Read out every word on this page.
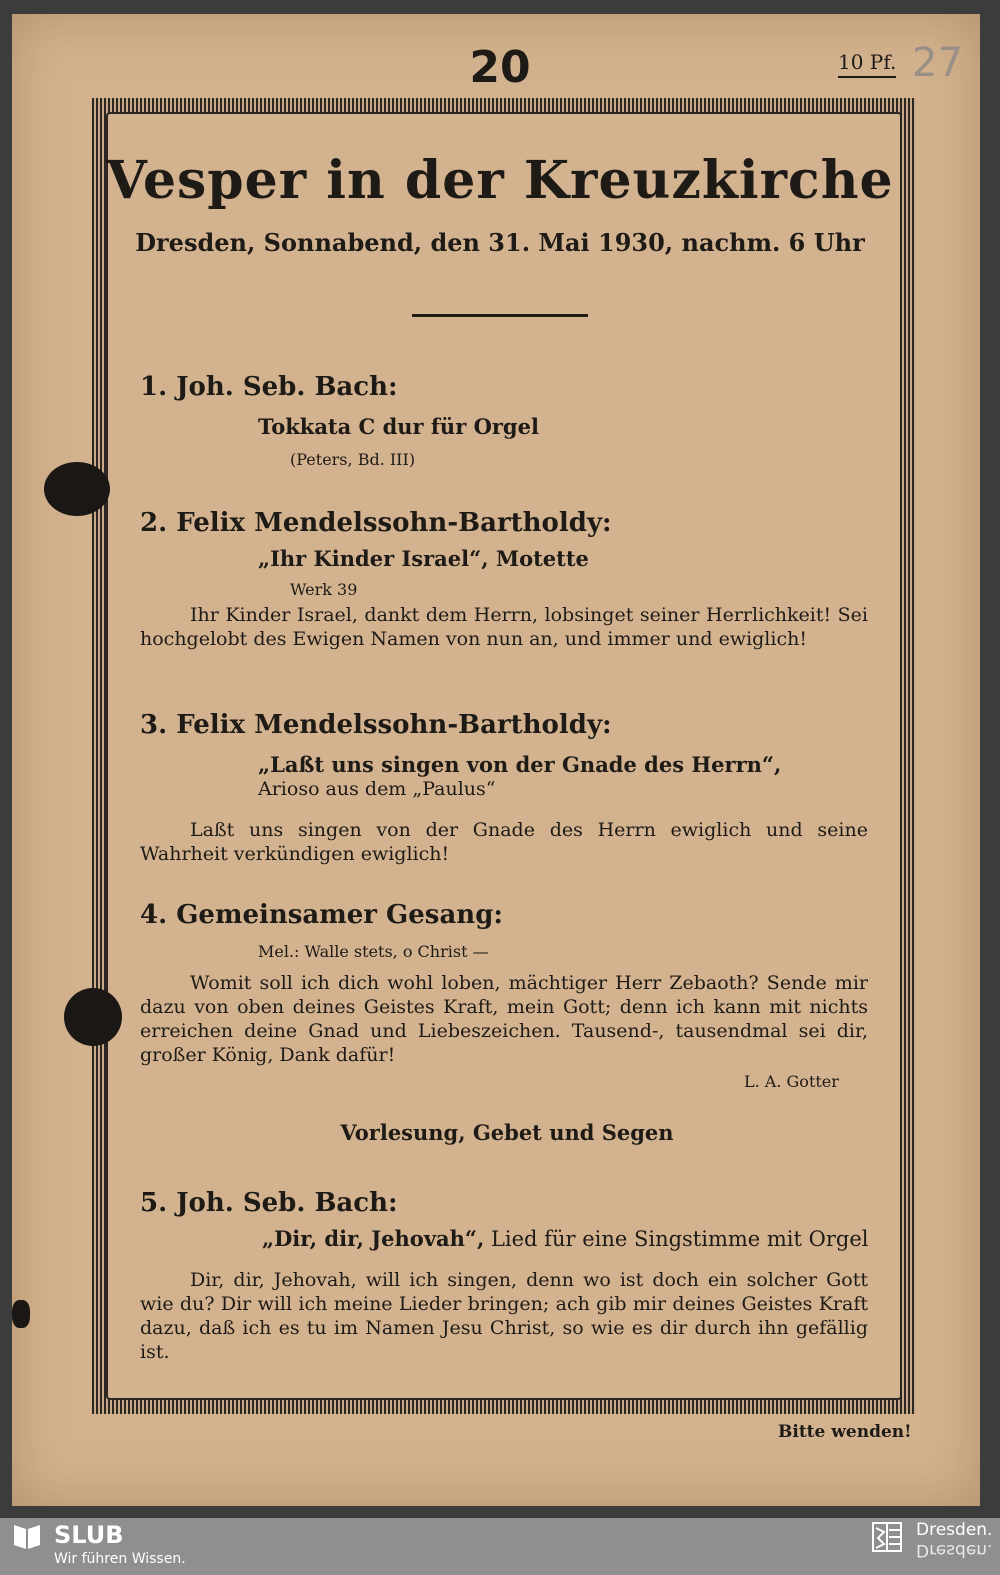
20	10 Pf. 27
Vesper in der Kreuzkirche
Dresden, Sonnabend, den 31. Mai 1930, nachm. 6 Uhr
1. Joh. Seb. Bach:
Tokkata C dur für Orgel
(Peters, Bd. III)
2. Felix Mendelssohn-Bartholdy:
„Ihr Kinder Israel“, Motette
Werk 39
Ihr Kinder Israel, dankt dem Herrn, lobsinget seiner Herrlichkeit! Sei hochgelobt des Ewigen Namen von nun an, und immer und ewiglich!
3. Felix Mendelssohn-Bartholdy:
„Laßt uns singen von der Gnade des Herrn“,
Arioso aus dem „Paulus“
Laßt uns singen von der Gnade des Herrn ewiglich und seine Wahrheit verkündigen ewiglich!
4. Gemeinsamer Gesang:
Mel.: Walle stets, o Christ —
Womit soll ich dich wohl loben, mächtiger Herr Zebaoth? Sende mir dazu von oben deines Geistes Kraft, mein Gott; denn ich kann mit nichts erreichen deine Gnad und Liebeszeichen. Tausend-, tausendmal sei dir, großer König, Dank dafür!
L. A. Gotter
Vorlesung, Gebet und Segen
5. Joh. Seb. Bach:
„Dir, dir, Jehovah“, Lied für eine Singstimme mit Orgel
Dir, dir, Jehovah, will ich singen, denn wo ist doch ein solcher Gott wie du? Dir will ich meine Lieder bringen; ach gib mir deines Geistes Kraft dazu, daß ich es tu im Namen Jesu Christ, so wie es dir durch ihn gefällig ist.
Bitte wenden!
SLUB
Wir führen Wissen.
Dresden.
Dresden.
